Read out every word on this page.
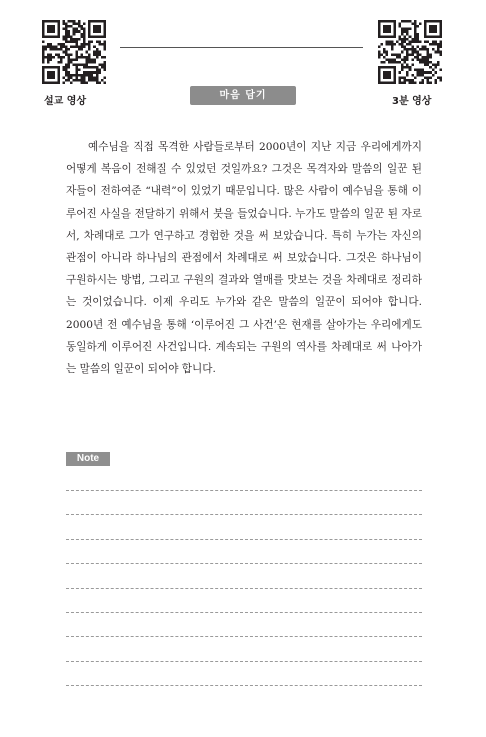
설교 영상	3분 영상
마음 담기

예수님을 직접 목격한 사람들로부터 2000년이 지난 지금 우리에게까지 어떻게 복음이 전해질 수 있었던 것일까요? 그것은 목격자와 말씀의 일꾼 된 자들이 전하여준 “내력”이 있었기 때문입니다. 많은 사람이 예수님을 통해 이루어진 사실을 전달하기 위해서 붓을 들었습니다. 누가도 말씀의 일꾼 된 자로서, 차례대로 그가 연구하고 경험한 것을 써 보았습니다. 특히 누가는 자신의 관점이 아니라 하나님의 관점에서 차례대로 써 보았습니다. 그것은 하나님이 구원하시는 방법, 그리고 구원의 결과와 열매를 맛보는 것을 차례대로 정리하는 것이었습니다. 이제 우리도 누가와 같은 말씀의 일꾼이 되어야 합니다. 2000년 전 예수님을 통해 ‘이루어진 그 사건’은 현재를 살아가는 우리에게도 동일하게 이루어진 사건입니다. 계속되는 구원의 역사를 차례대로 써 나아가는 말씀의 일꾼이 되어야 합니다.

Note
